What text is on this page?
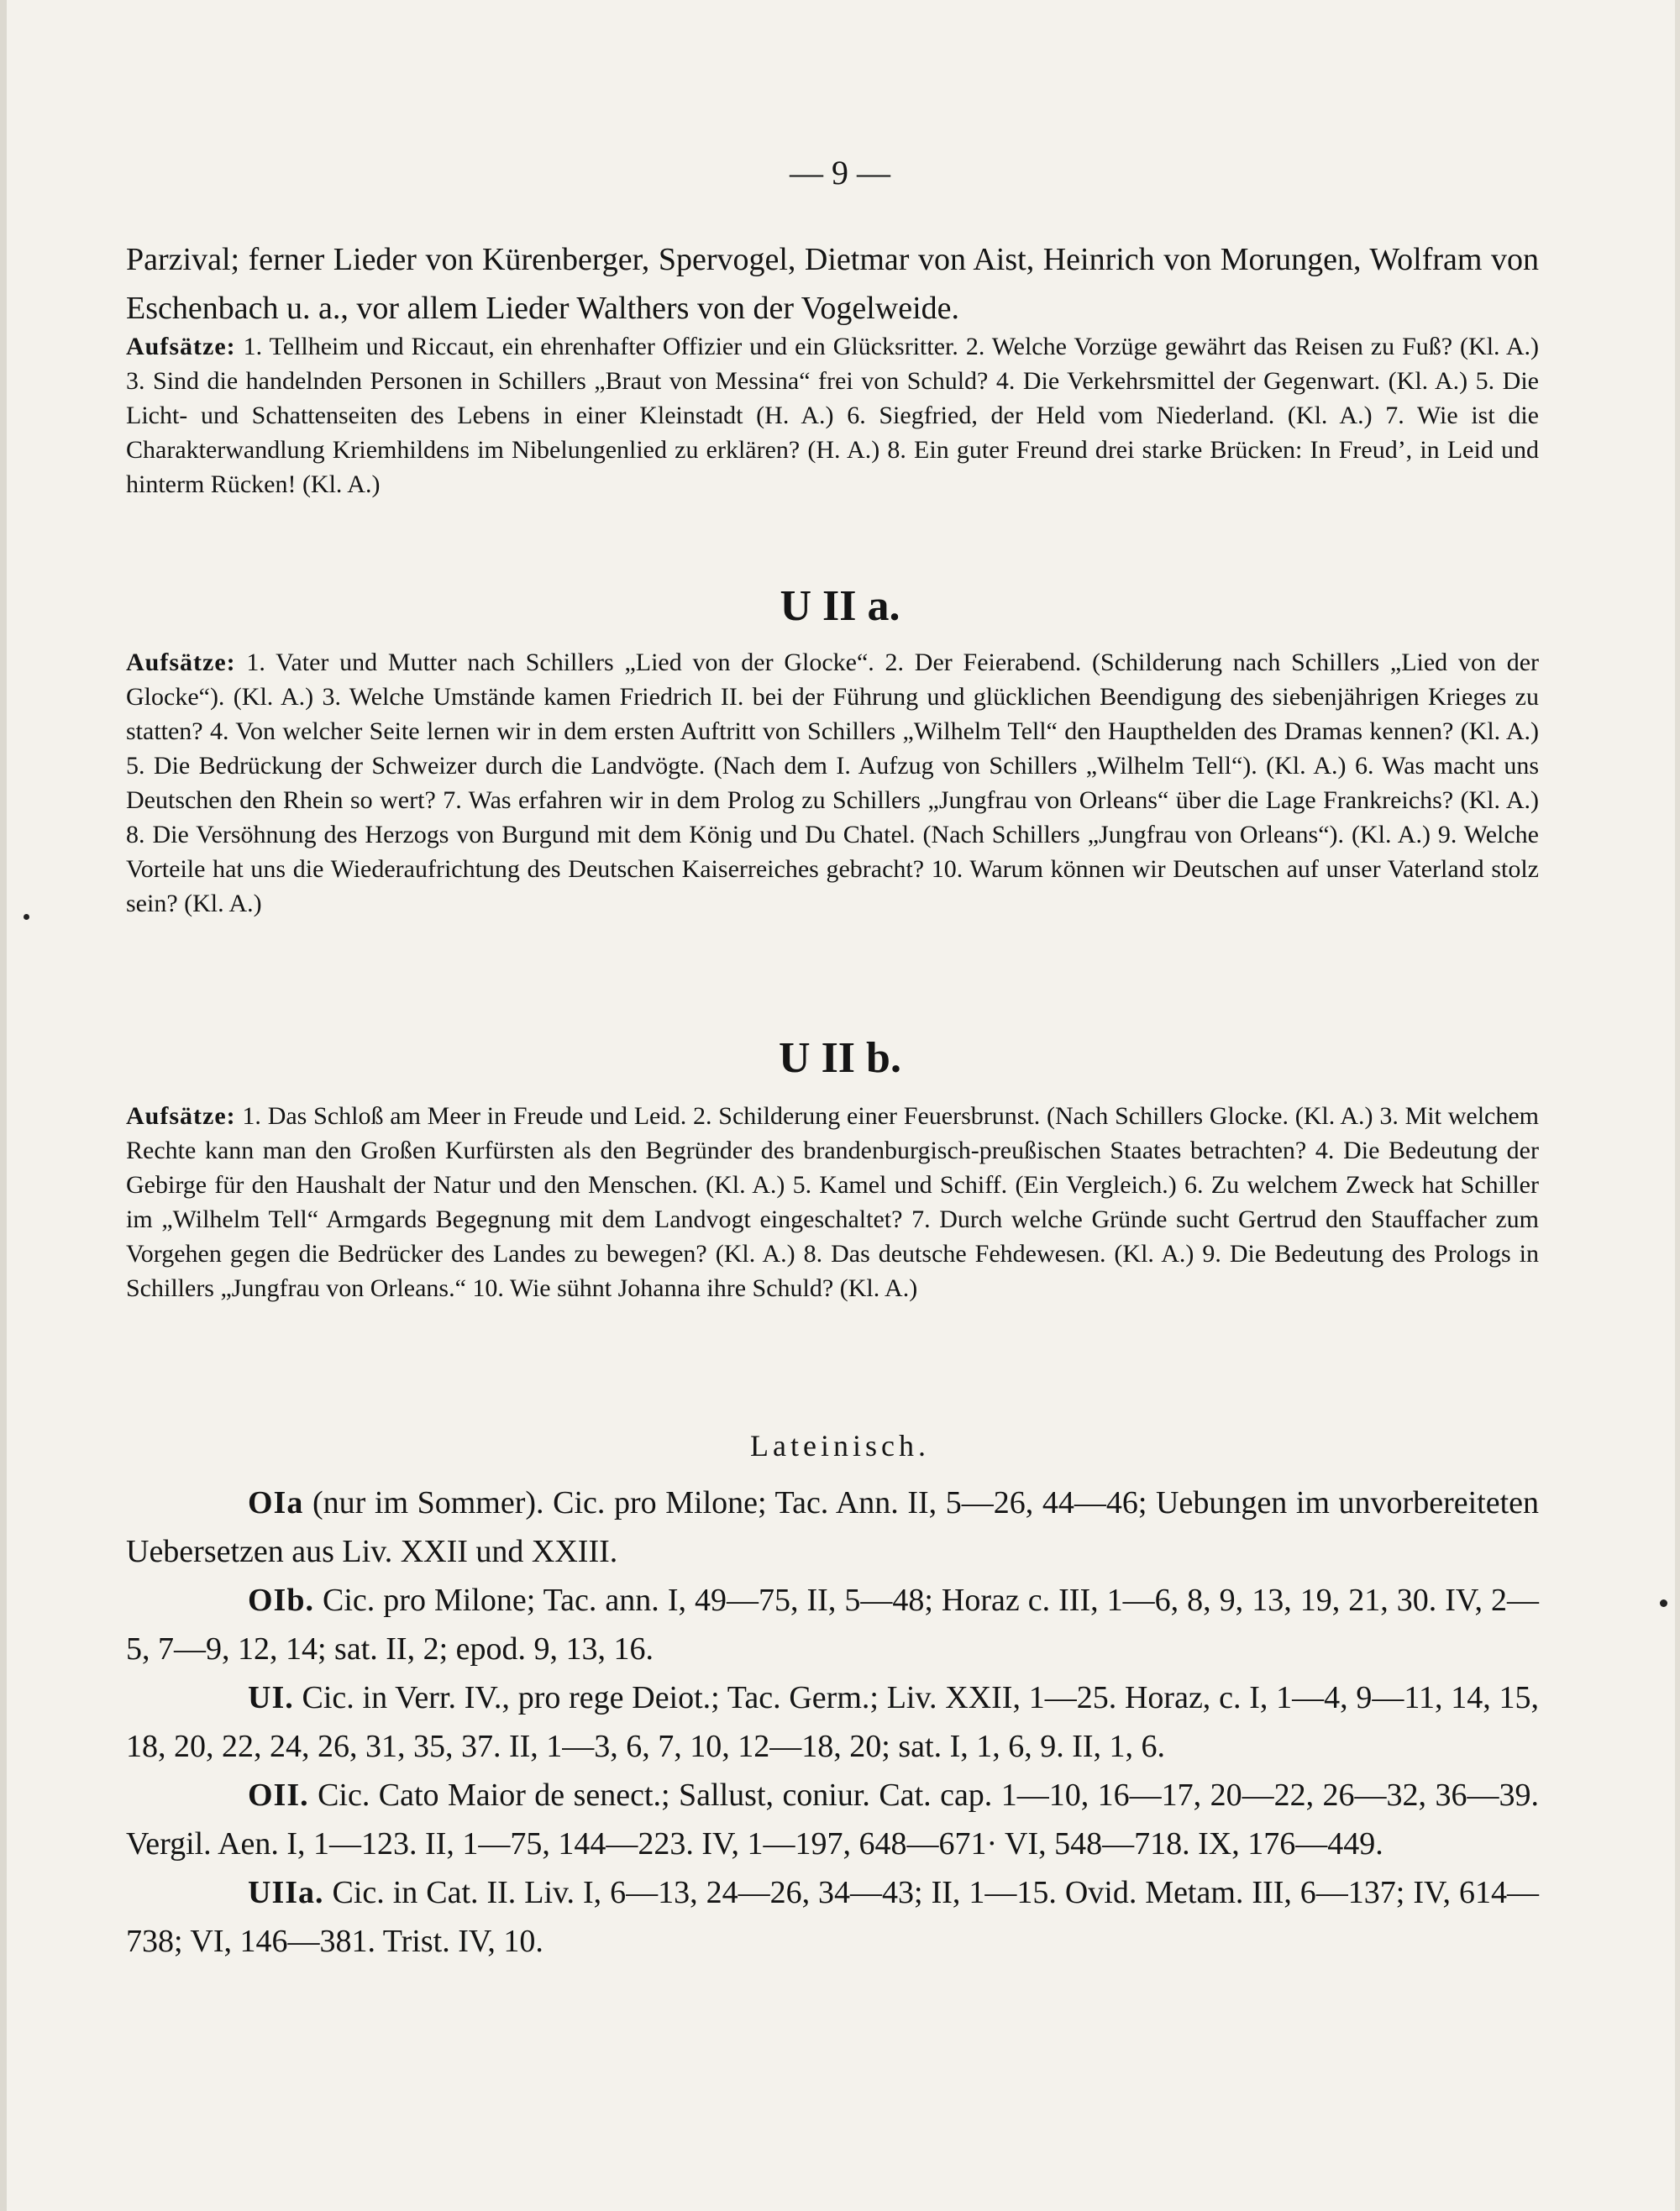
— 9 —
Parzival; ferner Lieder von Kürenberger, Spervogel, Dietmar von Aist, Heinrich von Morungen, Wolfram von Eschenbach u. a., vor allem Lieder Walthers von der Vogelweide.
Aufsätze: 1. Tellheim und Riccaut, ein ehrenhafter Offizier und ein Glücksritter. 2. Welche Vorzüge gewährt das Reisen zu Fuß? (Kl. A.) 3. Sind die handelnden Personen in Schillers „Braut von Messina“ frei von Schuld? 4. Die Verkehrsmittel der Gegenwart. (Kl. A.) 5. Die Licht- und Schattenseiten des Lebens in einer Kleinstadt (H. A.) 6. Siegfried, der Held vom Niederland. (Kl. A.) 7. Wie ist die Charakterwandlung Kriemhildens im Nibelungenlied zu erklären? (H. A.) 8. Ein guter Freund drei starke Brücken: In Freud’, in Leid und hinterm Rücken! (Kl. A.)
U II a.
Aufsätze: 1. Vater und Mutter nach Schillers „Lied von der Glocke“. 2. Der Feierabend. (Schilderung nach Schillers „Lied von der Glocke“). (Kl. A.) 3. Welche Umstände kamen Friedrich II. bei der Führung und glücklichen Beendigung des siebenjährigen Krieges zu statten? 4. Von welcher Seite lernen wir in dem ersten Auftritt von Schillers „Wilhelm Tell“ den Haupthelden des Dramas kennen? (Kl. A.) 5. Die Bedrückung der Schweizer durch die Landvögte. (Nach dem I. Aufzug von Schillers „Wilhelm Tell“). (Kl. A.) 6. Was macht uns Deutschen den Rhein so wert? 7. Was erfahren wir in dem Prolog zu Schillers „Jungfrau von Orleans“ über die Lage Frankreichs? (Kl. A.) 8. Die Versöhnung des Herzogs von Burgund mit dem König und Du Chatel. (Nach Schillers „Jungfrau von Orleans“). (Kl. A.) 9. Welche Vorteile hat uns die Wiederaufrichtung des Deutschen Kaiserreiches gebracht? 10. Warum können wir Deutschen auf unser Vaterland stolz sein? (Kl. A.)
U II b.
Aufsätze: 1. Das Schloß am Meer in Freude und Leid. 2. Schilderung einer Feuersbrunst. (Nach Schillers Glocke. (Kl. A.) 3. Mit welchem Rechte kann man den Großen Kurfürsten als den Begründer des brandenburgisch-preußischen Staates betrachten? 4. Die Bedeutung der Gebirge für den Haushalt der Natur und den Menschen. (Kl. A.) 5. Kamel und Schiff. (Ein Vergleich.) 6. Zu welchem Zweck hat Schiller im „Wilhelm Tell“ Armgards Begegnung mit dem Landvogt eingeschaltet? 7. Durch welche Gründe sucht Gertrud den Stauffacher zum Vorgehen gegen die Bedrücker des Landes zu bewegen? (Kl. A.) 8. Das deutsche Fehdewesen. (Kl. A.) 9. Die Bedeutung des Prologs in Schillers „Jungfrau von Orleans.“ 10. Wie sühnt Johanna ihre Schuld? (Kl. A.)
Lateinisch.

OIa (nur im Sommer). Cic. pro Milone; Tac. Ann. II, 5—26, 44—46; Uebungen im unvorbereiteten Uebersetzen aus Liv. XXII und XXIII.

OIb. Cic. pro Milone; Tac. ann. I, 49—75, II, 5—48; Horaz c. III, 1—6, 8, 9, 13, 19, 21, 30. IV, 2—5, 7—9, 12, 14; sat. II, 2; epod. 9, 13, 16.

UI. Cic. in Verr. IV., pro rege Deiot.; Tac. Germ.; Liv. XXII, 1—25. Horaz, c. I, 1—4, 9—11, 14, 15, 18, 20, 22, 24, 26, 31, 35, 37. II, 1—3, 6, 7, 10, 12—18, 20; sat. I, 1, 6, 9. II, 1, 6.

OII. Cic. Cato Maior de senect.; Sallust, coniur. Cat. cap. 1—10, 16—17, 20—22, 26—32, 36—39. Vergil. Aen. I, 1—123. II, 1—75, 144—223. IV, 1—197, 648—671· VI, 548—718. IX, 176—449.

UIIa. Cic. in Cat. II. Liv. I, 6—13, 24—26, 34—43; II, 1—15. Ovid. Metam. III, 6—137; IV, 614—738; VI, 146—381. Trist. IV, 10.
